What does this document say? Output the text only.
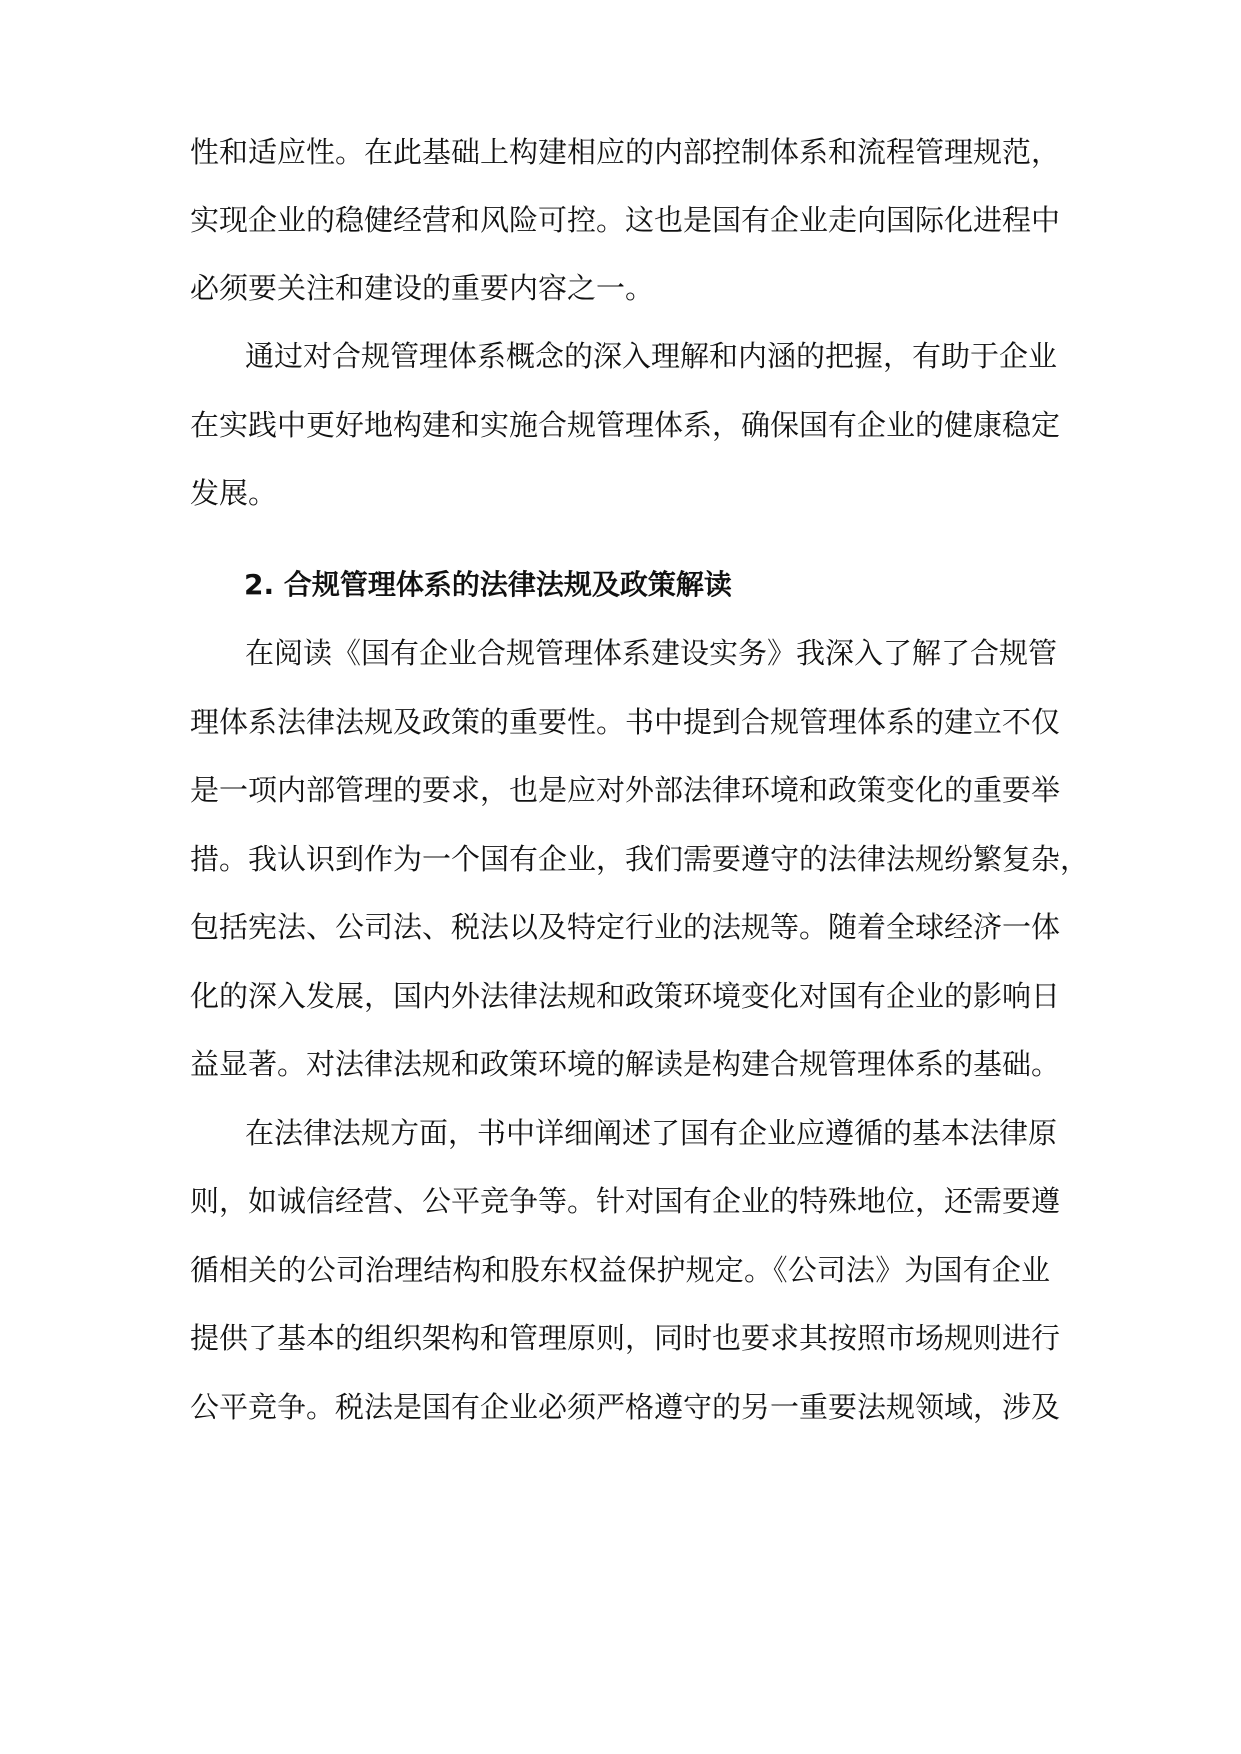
性和适应性。在此基础上构建相应的内部控制体系和流程管理规范，

实现企业的稳健经营和风险可控。这也是国有企业走向国际化进程中

必须要关注和建设的重要内容之一。

通过对合规管理体系概念的深入理解和内涵的把握，有助于企业

在实践中更好地构建和实施合规管理体系，确保国有企业的健康稳定

发展。

2. 合规管理体系的法律法规及政策解读

在阅读《国有企业合规管理体系建设实务》我深入了解了合规管

理体系法律法规及政策的重要性。书中提到合规管理体系的建立不仅

是一项内部管理的要求，也是应对外部法律环境和政策变化的重要举

措。我认识到作为一个国有企业，我们需要遵守的法律法规纷繁复杂，

包括宪法、公司法、税法以及特定行业的法规等。随着全球经济一体

化的深入发展，国内外法律法规和政策环境变化对国有企业的影响日

益显著。对法律法规和政策环境的解读是构建合规管理体系的基础。

在法律法规方面，书中详细阐述了国有企业应遵循的基本法律原

则，如诚信经营、公平竞争等。针对国有企业的特殊地位，还需要遵

循相关的公司治理结构和股东权益保护规定。《公司法》为国有企业

提供了基本的组织架构和管理原则，同时也要求其按照市场规则进行

公平竞争。税法是国有企业必须严格遵守的另一重要法规领域，涉及
